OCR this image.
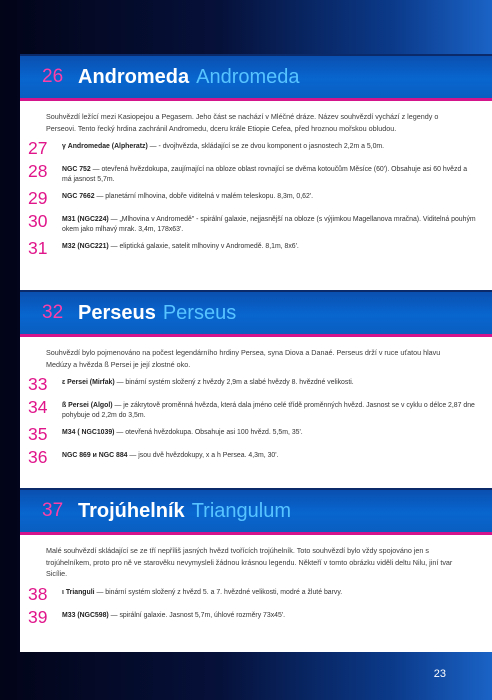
26 Andromeda Andromeda

Souhvězdí ležící mezi Kasiopejou a Pegasem. Jeho část se nachází v Mléčné dráze. Název souhvězdí vychází z legendy o Perseovi. Tento řecký hrdina zachránil Andromedu, dceru krále Etiopie Cefea, před hroznou mořskou obludou.

27	γ Andromedae (Alpheratz) — - dvojhvězda, skládající se ze dvou komponent o jasnostech 2,2m a 5,0m.

28	NGC 752 — otevřená hvězdokupa, zaujímající na obloze oblast rovnající se dvěma kotoučům Měsíce (60'). Obsahuje asi 60 hvězd a má jasnost 5,7m.

29	NGC 7662 — planetární mlhovina, dobře viditelná v malém teleskopu. 8,3m, 0,62'.

30	M31 (NGC224) — „Mlhovina v Andromedě" - spirální galaxie, nejjasnější na obloze (s výjimkou Magellanova mračna). Viditelná pouhým okem jako mlhavý mrak. 3,4m, 178x63'.

31	M32 (NGC221) — eliptická galaxie, satelit mlhoviny v Andromedě. 8,1m, 8x6'.

32 Perseus Perseus

Souhvězdí bylo pojmenováno na počest legendárního hrdiny Persea, syna Diova a Danaé. Perseus drží v ruce uťatou hlavu Medúzy a hvězda ß Persei je její zlostné oko.

33	ε Persei (Mirfak) — binární systém složený z hvězdy 2,9m a slabé hvězdy 8. hvězdné velikosti.

34	ß Persei (Algol) — je zákrytově proměnná hvězda, která dala jméno celé třídě proměnných hvězd. Jasnost se v cyklu o délce 2,87 dne pohybuje od 2,2m do 3,5m.

35	M34 ( NGC1039) — otevřená hvězdokupa. Obsahuje asi 100 hvězd. 5,5m, 35'.

36	NGC 869 и NGC 884 — jsou dvě hvězdokupy, x a h Persea. 4,3m, 30'.

37 Trojúhelník Triangulum

Malé souhvězdí skládající se ze tří nepříliš jasných hvězd tvořících trojúhelník. Toto souhvězdí bylo vždy spojováno jen s trojúhelníkem, proto pro ně ve starověku nevymysleli žádnou krásnou legendu. Někteří v tomto obrázku viděli deltu Nilu, jiní tvar Sicílie.

38	ι Trianguli — binární systém složený z hvězd 5. a 7. hvězdné velikosti, modré a žluté barvy.

39	M33 (NGC598) — spirální galaxie. Jasnost 5,7m, úhlové rozměry 73x45'.

23
